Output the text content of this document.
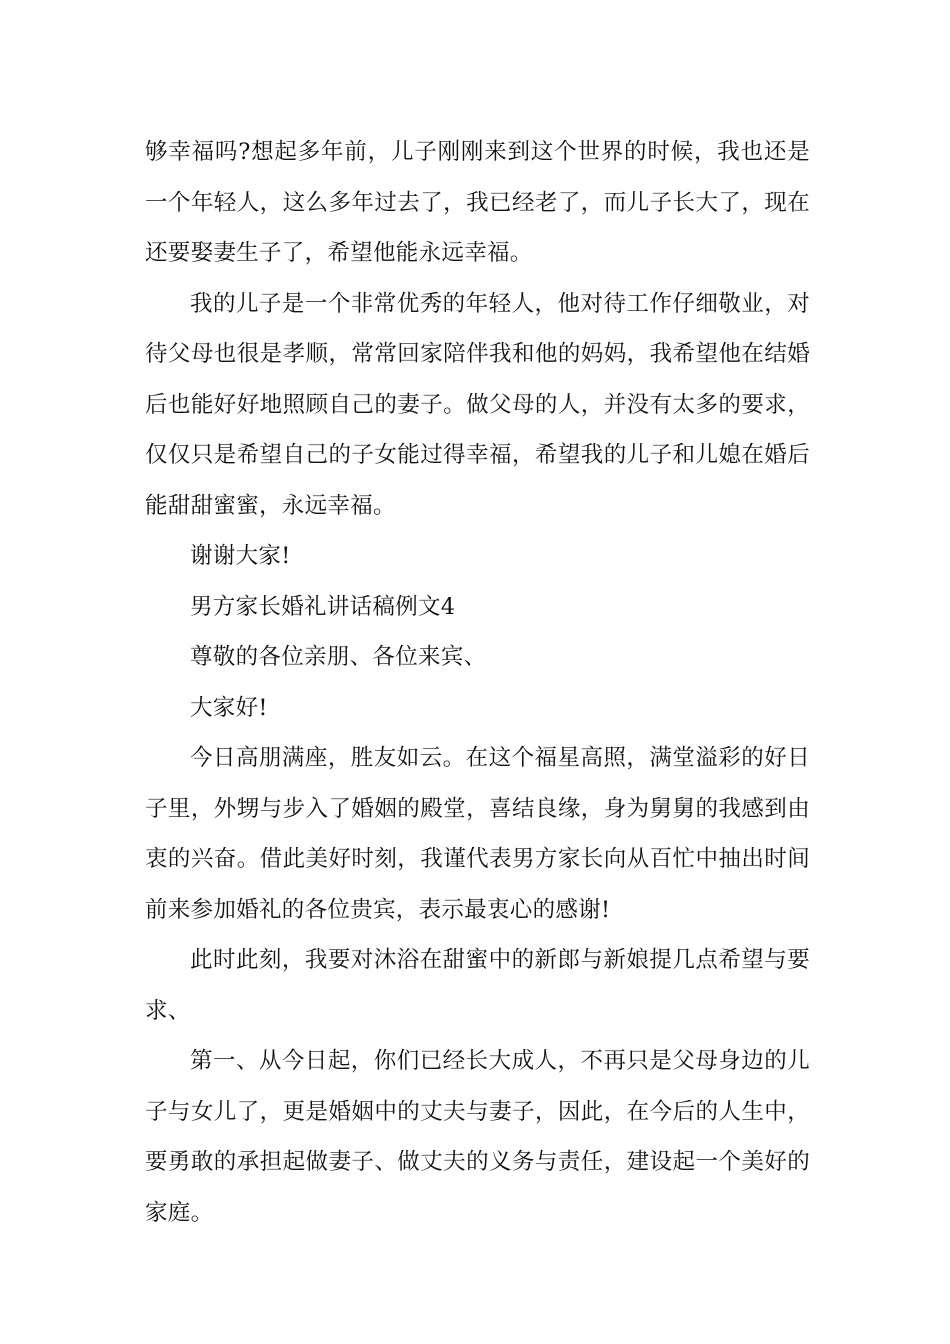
够幸福吗?想起多年前，儿子刚刚来到这个世界的时候，我也还是一个年轻人，这么多年过去了，我已经老了，而儿子长大了，现在还要娶妻生子了，希望他能永远幸福。

我的儿子是一个非常优秀的年轻人，他对待工作仔细敬业，对待父母也很是孝顺，常常回家陪伴我和他的妈妈，我希望他在结婚后也能好好地照顾自己的妻子。做父母的人，并没有太多的要求，仅仅只是希望自己的子女能过得幸福，希望我的儿子和儿媳在婚后能甜甜蜜蜜，永远幸福。

谢谢大家!

男方家长婚礼讲话稿例文4

尊敬的各位亲朋、各位来宾、

大家好!

今日高朋满座，胜友如云。在这个福星高照，满堂溢彩的好日子里，外甥与步入了婚姻的殿堂，喜结良缘，身为舅舅的我感到由衷的兴奋。借此美好时刻，我谨代表男方家长向从百忙中抽出时间前来参加婚礼的各位贵宾，表示最衷心的感谢!

此时此刻，我要对沐浴在甜蜜中的新郎与新娘提几点希望与要求、

第一、从今日起，你们已经长大成人，不再只是父母身边的儿子与女儿了，更是婚姻中的丈夫与妻子，因此，在今后的人生中，要勇敢的承担起做妻子、做丈夫的义务与责任，建设起一个美好的家庭。
